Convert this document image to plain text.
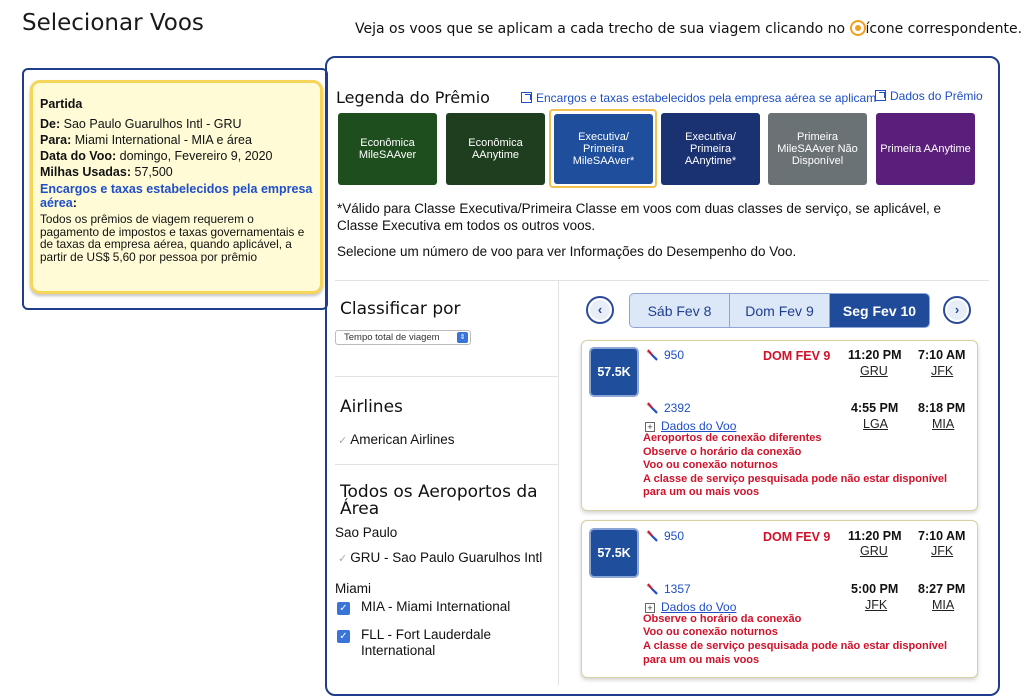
Selecionar Voos	Veja os voos que se aplicam a cada trecho de sua viagem clicando no ícone correspondente.
Partida
De: Sao Paulo Guarulhos Intl - GRU
Para: Miami International - MIA e área
Data do Voo: domingo, Fevereiro 9, 2020
Milhas Usadas: 57,500
Encargos e taxas estabelecidos pela empresa aérea:
Todos os prêmios de viagem requerem o pagamento de impostos e taxas governamentais e de taxas da empresa aérea, quando aplicável, a partir de US$ 5,60 por pessoa por prêmio
Legenda do Prêmio	Encargos e taxas estabelecidos pela empresa aérea se aplicam	Dados do Prêmio
Econômica MileSAAver
Econômica AAnytime
Executiva/ Primeira MileSAAver*
Executiva/ Primeira AAnytime*
Primeira MileSAAver Não Disponível
Primeira AAnytime
*Válido para Classe Executiva/Primeira Classe em voos com duas classes de serviço, se aplicável, e Classe Executiva em todos os outros voos.
Selecione um número de voo para ver Informações do Desempenho do Voo.
Classificar por
Tempo total de viagem	⇕
Airlines
✓ American Airlines
Todos os Aeroportos da Área
Sao Paulo
✓ GRU - Sao Paulo Guarulhos Intl
Miami
✓ MIA - Miami International
✓ FLL - Fort Lauderdale International
‹	Sáb Fev 8	Dom Fev 9	Seg Fev 10	›
57.5K
950	DOM FEV 9 11:20 PM 7:10 AM
GRU	JFK
2392	4:55 PM 8:18 PM
LGA	MIA
+ Dados do Voo
Aeroportos de conexão diferentes
Observe o horário da conexão
Voo ou conexão noturnos
A classe de serviço pesquisada pode não estar disponível
para um ou mais voos
57.5K
950	DOM FEV 9 11:20 PM 7:10 AM
GRU	JFK
1357	5:00 PM 8:27 PM
JFK	MIA
+ Dados do Voo
Observe o horário da conexão
Voo ou conexão noturnos
A classe de serviço pesquisada pode não estar disponível
para um ou mais voos
